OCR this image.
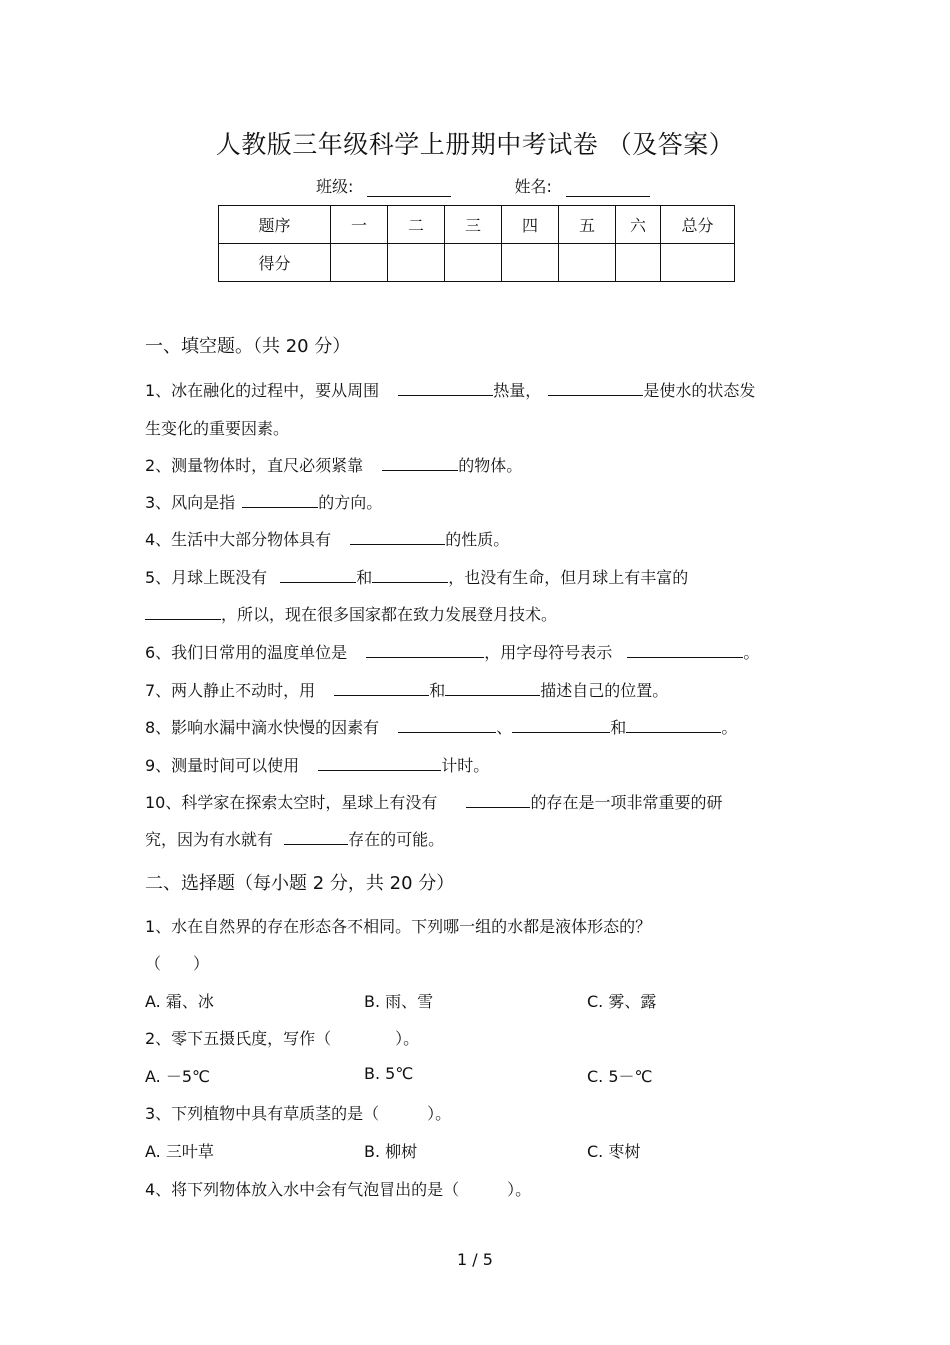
人教版三年级科学上册期中考试卷 （及答案）
班级:	姓名:
题序	一	二	三	四	五	六	总分
得分							
一、填空题。（共 20 分）
1、冰在融化的过程中，要从周围	热量，	是使水的状态发
生变化的重要因素。
2、测量物体时，直尺必须紧靠	的物体。
3、风向是指	的方向。
4、生活中大部分物体具有	的性质。
5、月球上既没有	和	，也没有生命，但月球上有丰富的
，所以，现在很多国家都在致力发展登月技术。
6、我们日常用的温度单位是	，用字母符号表示	。
7、两人静止不动时，用	和	描述自己的位置。
8、影响水漏中滴水快慢的因素有	、	和	。
9、测量时间可以使用	计时。
10、科学家在探索太空时，星球上有没有	的存在是一项非常重要的研
究，因为有水就有	存在的可能。
二、选择题（每小题 2 分，共 20 分）
1、水在自然界的存在形态各不相同。下列哪一组的水都是液体形态的？
（　　）
A. 霜、冰	B. 雨、雪	C. 雾、露
2、零下五摄氏度，写作（　　　　）。
A. －5℃	B. 5℃	C. 5－℃
3、下列植物中具有草质茎的是（　　　）。
A. 三叶草	B. 柳树	C. 枣树
4、将下列物体放入水中会有气泡冒出的是（　　　）。
1 / 5
